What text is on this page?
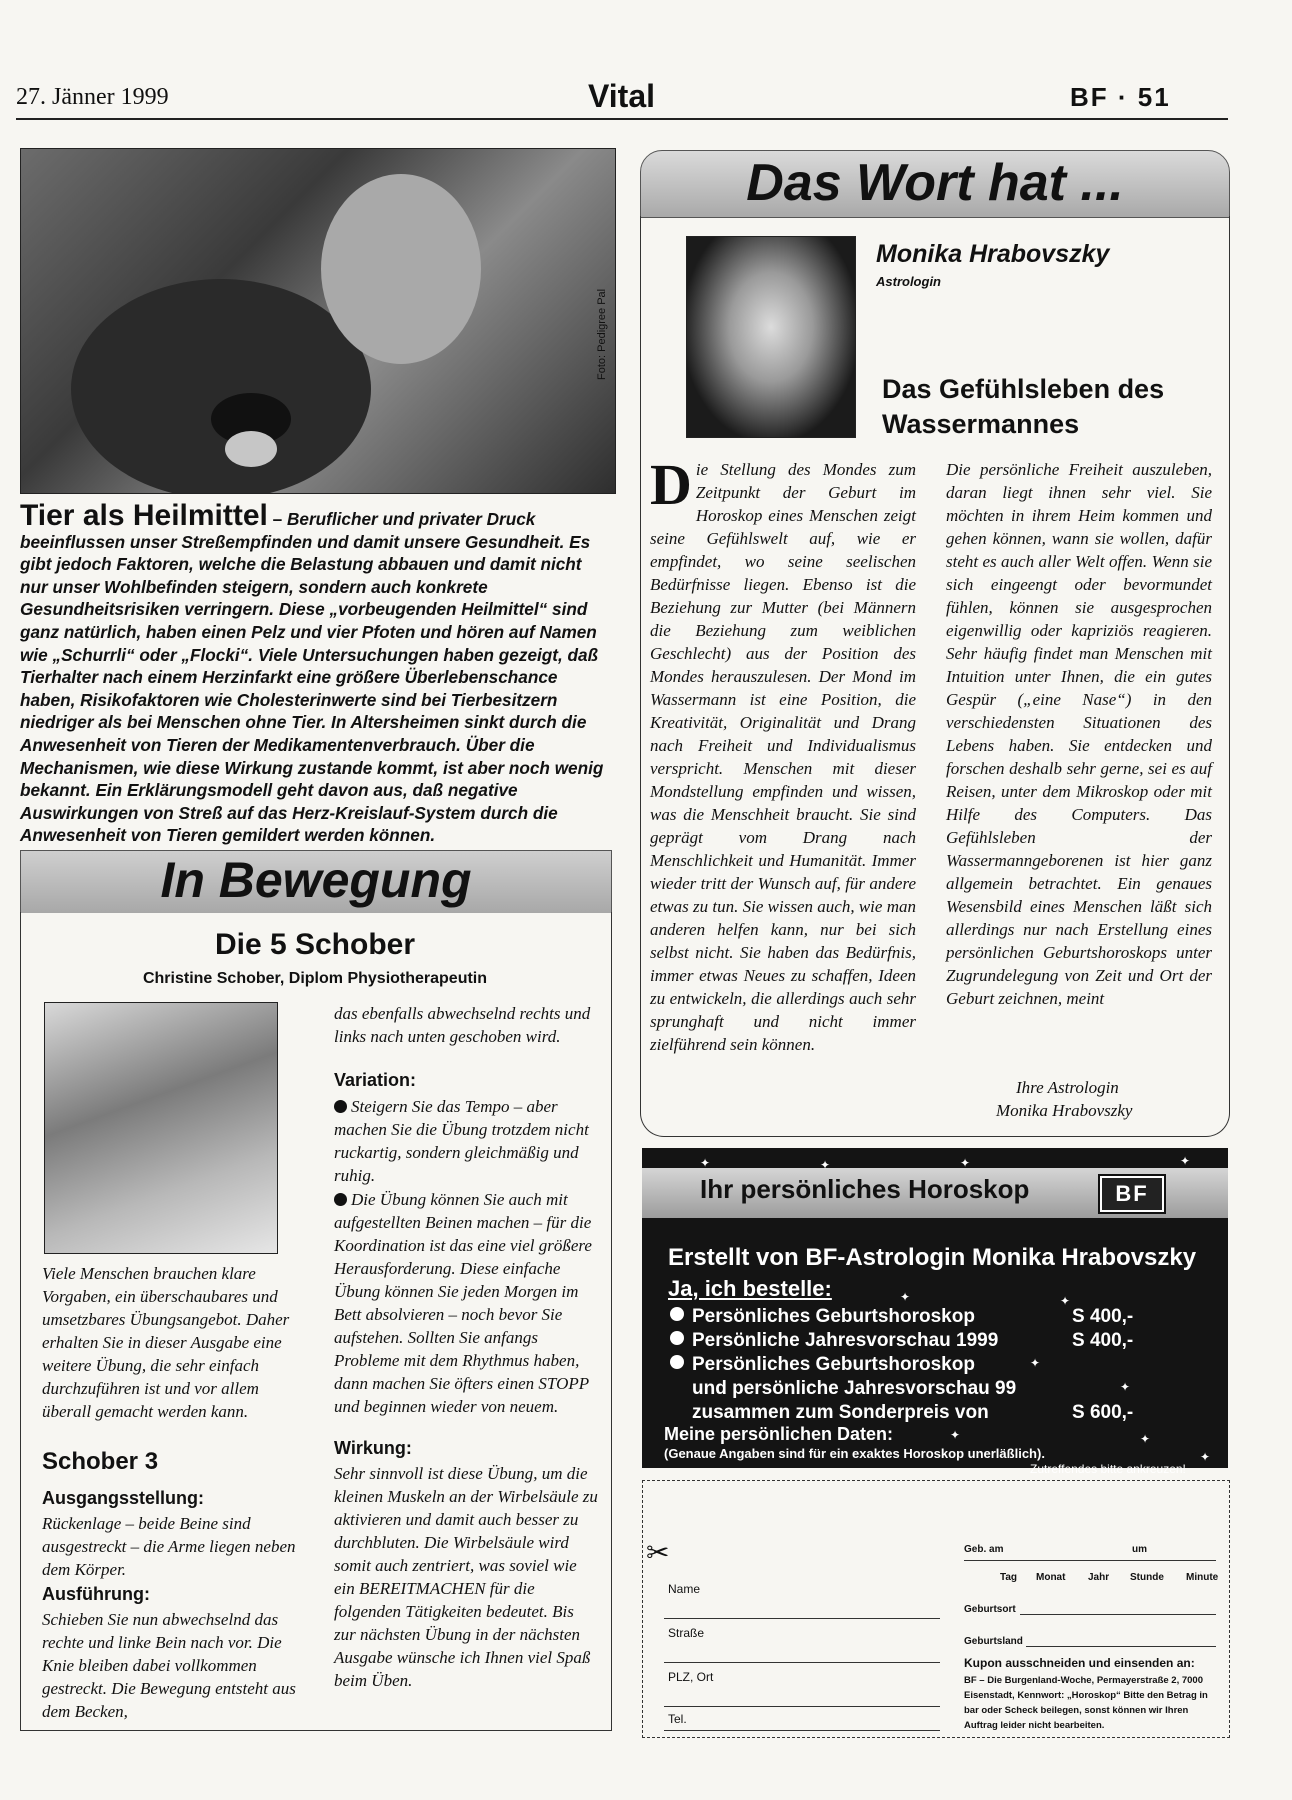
27. Jänner 1999	Vital	BF · 51
Foto: Pedigree Pal
Tier als Heilmittel – Beruflicher und privater Druck beeinflussen unser Streßempfinden und damit unsere Gesundheit. Es gibt jedoch Faktoren, welche die Belastung abbauen und damit nicht nur unser Wohlbefinden steigern, sondern auch konkrete Gesundheitsrisiken verringern. Diese „vorbeugenden Heilmittel“ sind ganz natürlich, haben einen Pelz und vier Pfoten und hören auf Namen wie „Schurrli“ oder „Flocki“. Viele Untersuchungen haben gezeigt, daß Tierhalter nach einem Herzinfarkt eine größere Überlebenschance haben, Risikofaktoren wie Cholesterinwerte sind bei Tierbesitzern niedriger als bei Menschen ohne Tier. In Altersheimen sinkt durch die Anwesenheit von Tieren der Medikamentenverbrauch. Über die Mechanismen, wie diese Wirkung zustande kommt, ist aber noch wenig bekannt. Ein Erklärungsmodell geht davon aus, daß negative Auswirkungen von Streß auf das Herz-Kreislauf-System durch die Anwesenheit von Tieren gemildert werden können.
In Bewegung
Die 5 Schober
Christine Schober, Diplom Physiotherapeutin
Viele Menschen brauchen klare Vorgaben, ein überschaubares und umsetzbares Übungsangebot. Daher erhalten Sie in dieser Ausgabe eine weitere Übung, die sehr einfach durchzuführen ist und vor allem überall gemacht werden kann.
Schober 3
Ausgangsstellung:
Rückenlage – beide Beine sind ausgestreckt – die Arme liegen neben dem Körper.
Ausführung:
Schieben Sie nun abwechselnd das rechte und linke Bein nach vor. Die Knie bleiben dabei vollkommen gestreckt. Die Bewegung entsteht aus dem Becken,
das ebenfalls abwechselnd rechts und links nach unten geschoben wird.
Variation:
Steigern Sie das Tempo – aber machen Sie die Übung trotzdem nicht ruckartig, sondern gleichmäßig und ruhig.
Die Übung können Sie auch mit aufgestellten Beinen machen – für die Koordination ist das eine viel größere Herausforderung. Diese einfache Übung können Sie jeden Morgen im Bett absolvieren – noch bevor Sie aufstehen. Sollten Sie anfangs Probleme mit dem Rhythmus haben, dann machen Sie öfters einen STOPP und beginnen wieder von neuem.
Wirkung:
Sehr sinnvoll ist diese Übung, um die kleinen Muskeln an der Wirbelsäule zu aktivieren und damit auch besser zu durchbluten. Die Wirbelsäule wird somit auch zentriert, was soviel wie ein BEREITMACHEN für die folgenden Tätigkeiten bedeutet. Bis zur nächsten Übung in der nächsten Ausgabe wünsche ich Ihnen viel Spaß beim Üben.
Das Wort hat ...
Monika Hrabovszky
Astrologin
Das Gefühlsleben des Wassermannes
Die Stellung des Mondes zum Zeitpunkt der Geburt im Horoskop eines Menschen zeigt seine Gefühlswelt auf, wie er empfindet, wo seine seelischen Bedürfnisse liegen. Ebenso ist die Beziehung zur Mutter (bei Männern die Beziehung zum weiblichen Geschlecht) aus der Position des Mondes herauszulesen. Der Mond im Wassermann ist eine Position, die Kreativität, Originalität und Drang nach Freiheit und Individualismus verspricht. Menschen mit dieser Mondstellung empfinden und wissen, was die Menschheit braucht. Sie sind geprägt vom Drang nach Menschlichkeit und Humanität. Immer wieder tritt der Wunsch auf, für andere etwas zu tun. Sie wissen auch, wie man anderen helfen kann, nur bei sich selbst nicht. Sie haben das Bedürfnis, immer etwas Neues zu schaffen, Ideen zu entwickeln, die allerdings auch sehr sprunghaft und nicht immer zielführend sein können.
Die persönliche Freiheit auszuleben, daran liegt ihnen sehr viel. Sie möchten in ihrem Heim kommen und gehen können, wann sie wollen, dafür steht es auch aller Welt offen. Wenn sie sich eingeengt oder bevormundet fühlen, können sie ausgesprochen eigenwillig oder kapriziös reagieren. Sehr häufig findet man Menschen mit Intuition unter Ihnen, die ein gutes Gespür („eine Nase“) in den verschiedensten Situationen des Lebens haben. Sie entdecken und forschen deshalb sehr gerne, sei es auf Reisen, unter dem Mikroskop oder mit Hilfe des Computers. Das Gefühlsleben der Wassermanngeborenen ist hier ganz allgemein betrachtet. Ein genaues Wesensbild eines Menschen läßt sich allerdings nur nach Erstellung eines persönlichen Geburtshoroskops unter Zugrundelegung von Zeit und Ort der Geburt zeichnen, meint
Ihre Astrologin
Monika Hrabovszky
Ihr persönliches Horoskop	BF
Erstellt von BF-Astrologin Monika Hrabovszky
Ja, ich bestelle:
Persönliches Geburtshoroskop	S 400,-
Persönliche Jahresvorschau 1999	S 400,-
Persönliches Geburtshoroskop
und persönliche Jahresvorschau 99
zusammen zum Sonderpreis von	S 600,-
Meine persönlichen Daten:
(Genaue Angaben sind für ein exaktes Horoskop unerläßlich).
Zutreffendes bitte ankreuzen!
✦	✦	✦	✦
✦	✦
✦
✦
✦	✦
✦
✂
Name
Straße
PLZ, Ort
Tel.
Geb. am	um
Tag Monat Jahr Stunde Minute
Geburtsort
Geburtsland
Kupon ausschneiden und einsenden an:
BF – Die Burgenland-Woche, Permayerstraße 2, 7000 Eisenstadt, Kennwort: „Horoskop“ Bitte den Betrag in bar oder Scheck beilegen, sonst können wir Ihren Auftrag leider nicht bearbeiten.
